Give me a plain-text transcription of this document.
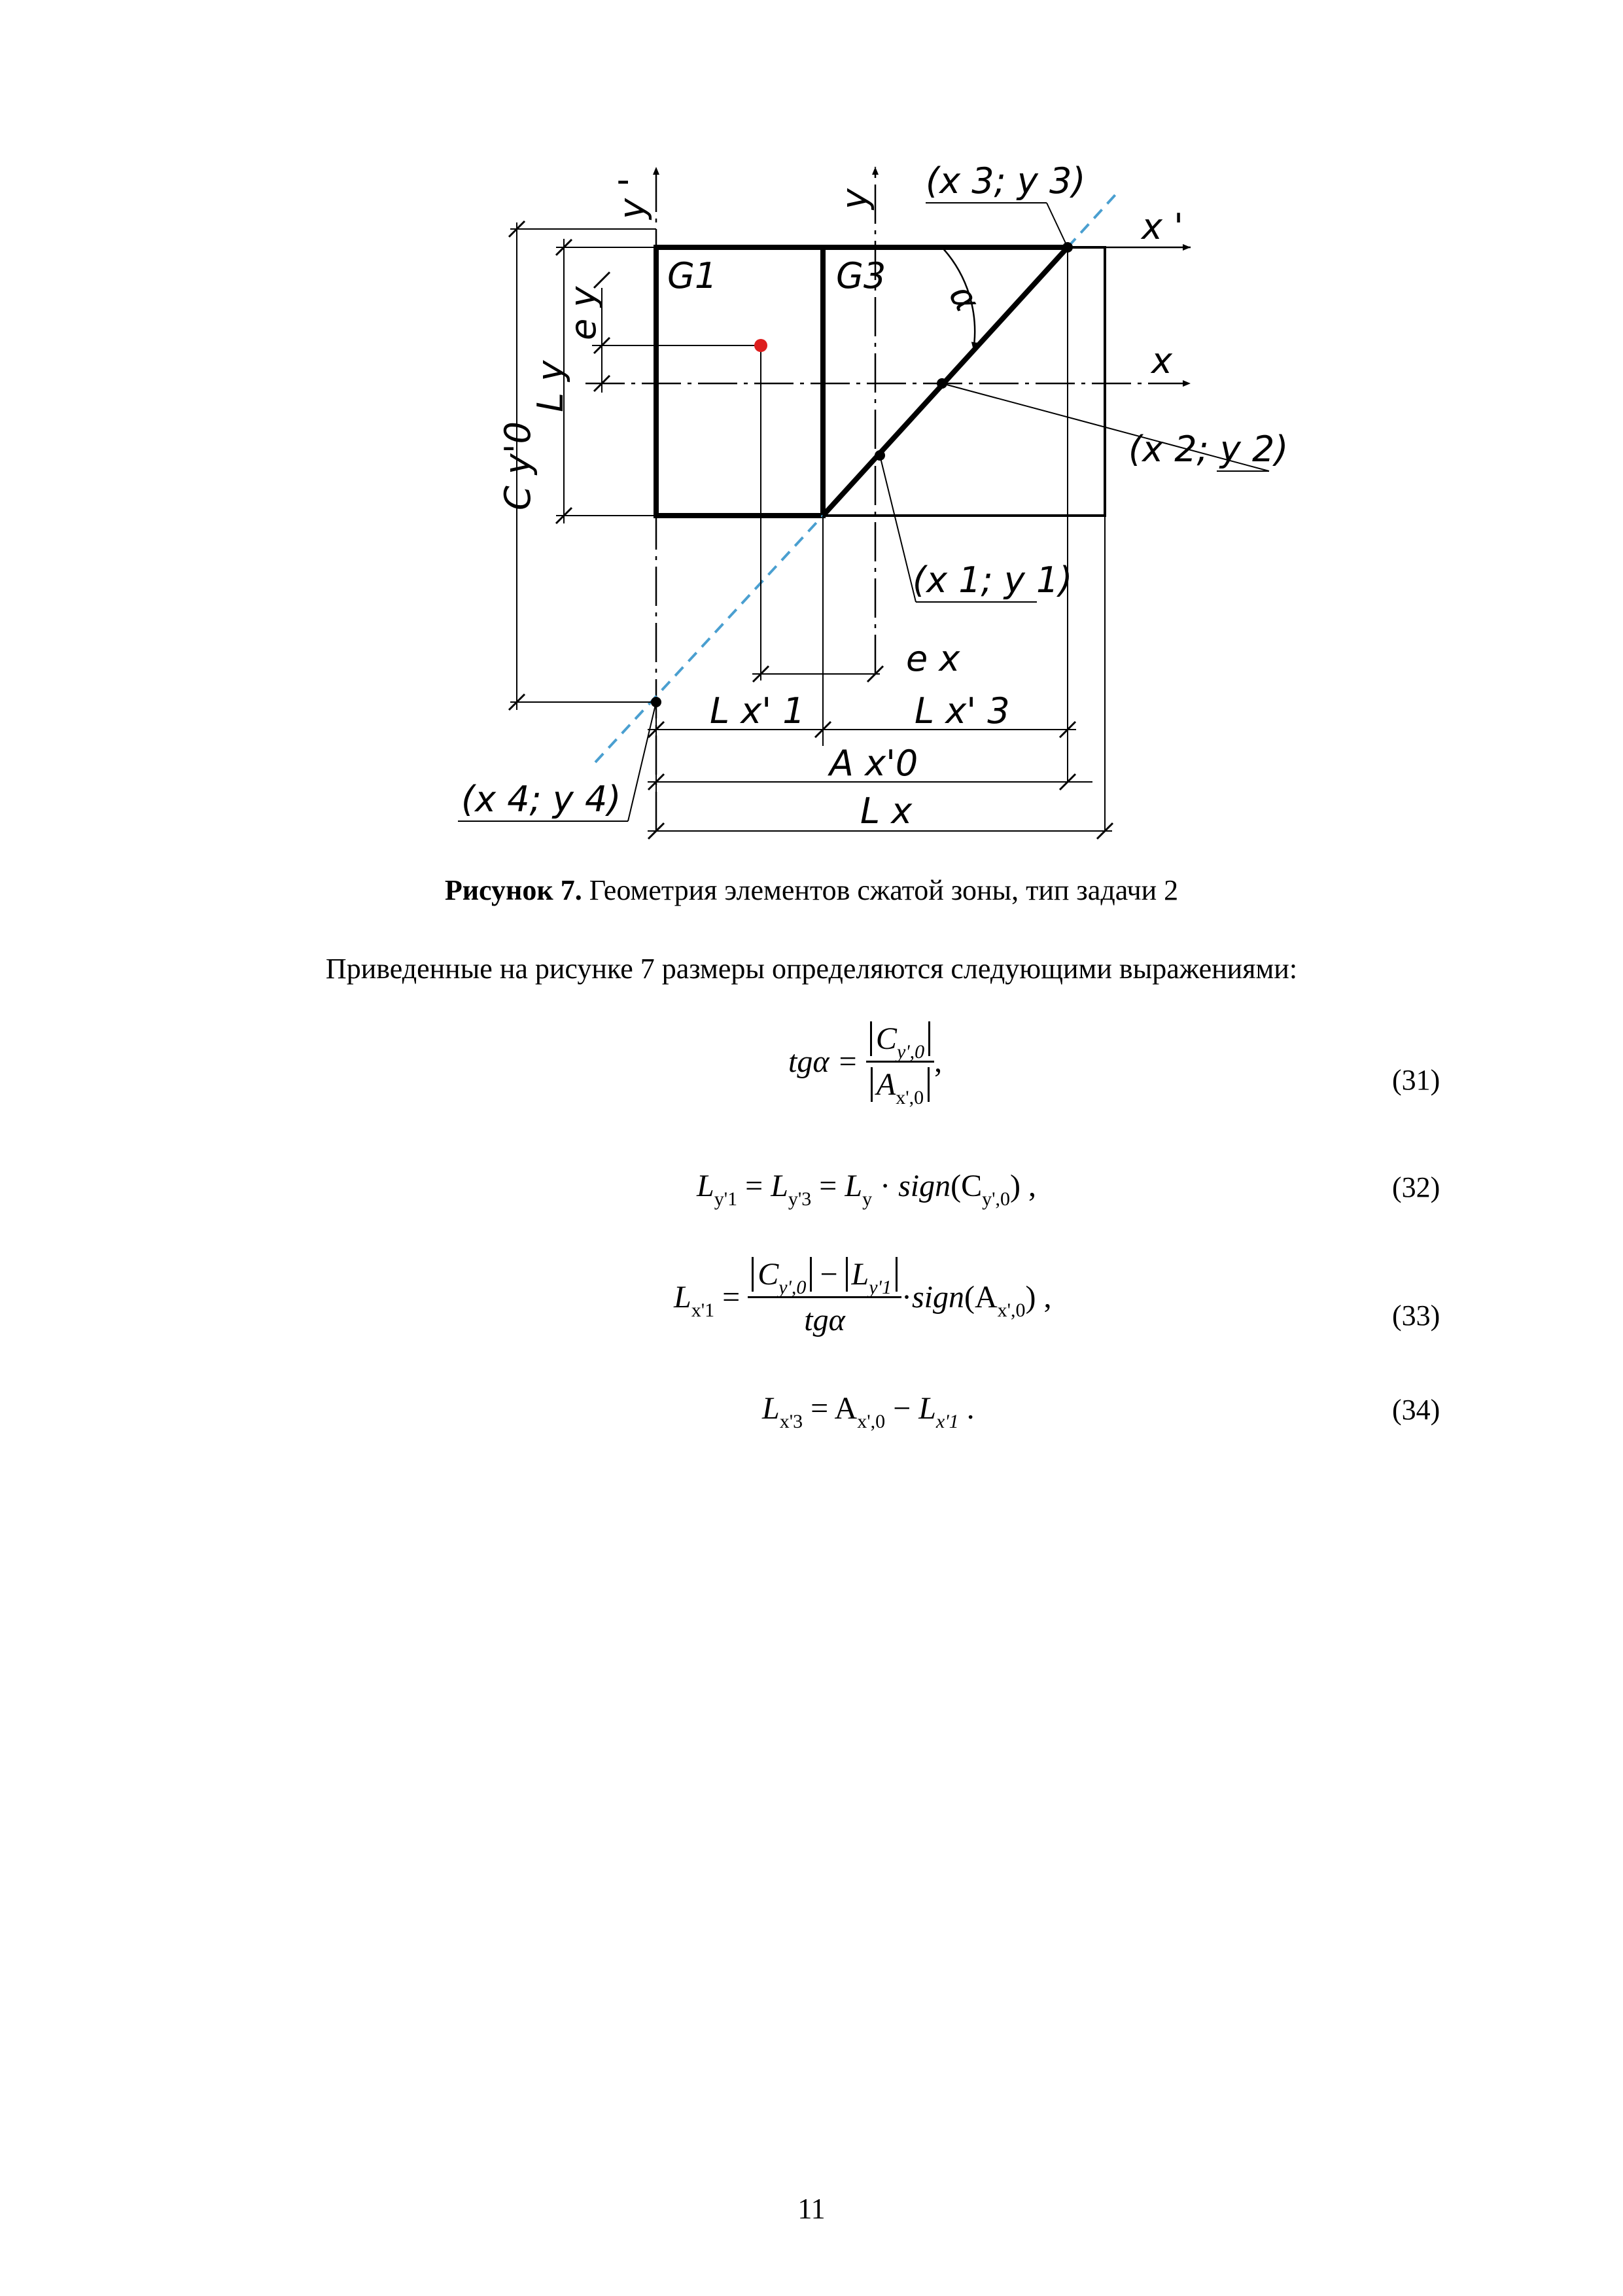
y '	y
x '
x
G1	G3
α
e y
L y
C y'0
e x
L x' 1	L x' 3
A x'0
L x
(x 1; y 1)
(x 2; y 2)
(x 3; y 3)
(x 4; y 4)
Рисунок 7. Геометрия элементов сжатой зоны, тип задачи 2
Приведенные на рисунке 7 размеры определяются следующими выражениями:
$tg\alpha = \frac{C_{y',0}}{A_{x',0}}$ ,
(31)
$L_{y'1} = L_{y'3} = L_y$ · $sign(C_{y',0})$ ,	(32)
$L_{x'1} = \frac{C_{y',0} - L_{y'1}}{\text{tgα}}$ $\cdot sign(A_{x',0})$ ,
(33)
$L_{x'3} = A_{x',0} - L_{x'1}$ .	(34)
11
